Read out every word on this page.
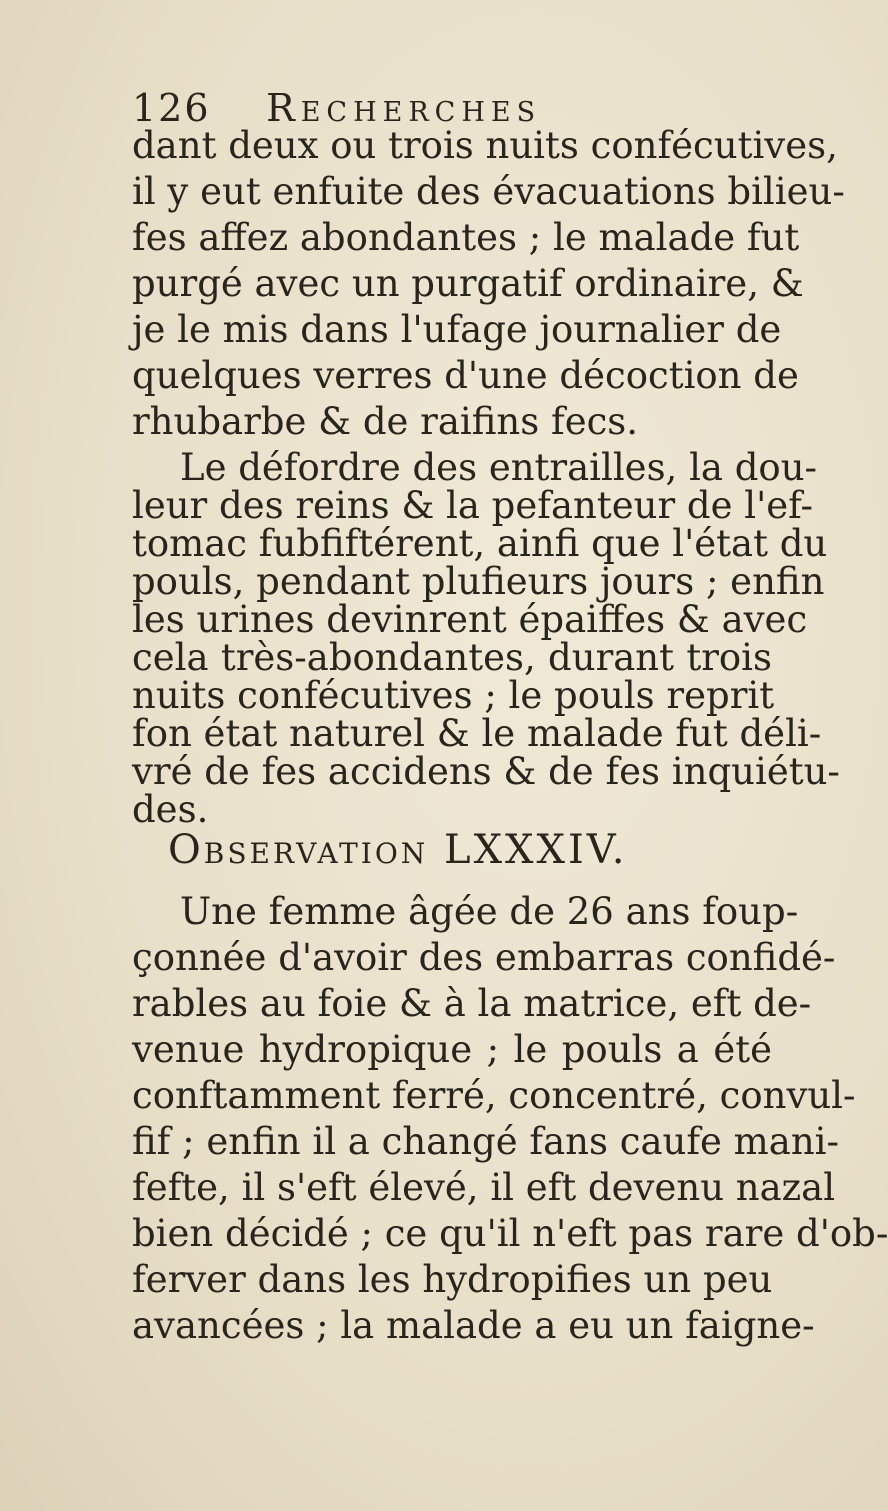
126 Recherches
dant deux ou trois nuits confécutives,
il y eut enfuite des évacuations bilieu-
fes affez abondantes ; le malade fut
purgé avec un purgatif ordinaire, &
je le mis dans l'ufage journalier de
quelques verres d'une décoction de
rhubarbe & de raifins fecs.
Le défordre des entrailles, la dou-
leur des reins & la pefanteur de l'ef-
tomac fubfiftérent, ainfi que l'état du
pouls, pendant plufieurs jours ; enfin
les urines devinrent épaiffes & avec
cela très-abondantes, durant trois
nuits confécutives ; le pouls reprit
fon état naturel & le malade fut déli-
Observation LXXXIV.
Une femme âgée de 26 ans foup-
çonnée d'avoir des embarras confidé-
rables au foie & à la matrice, eft de-
venue hydropique ; le pouls a été
conftamment ferré, concentré, convul-
fif ; enfin il a changé fans caufe mani-
fefte, il s'eft élevé, il eft devenu nazal
bien décidé ; ce qu'il n'eft pas rare d'ob-
ferver dans les hydropifies un peu
avancées ; la malade a eu un faigne-
vré de fes accidens & de fes inquiétu-
des.
